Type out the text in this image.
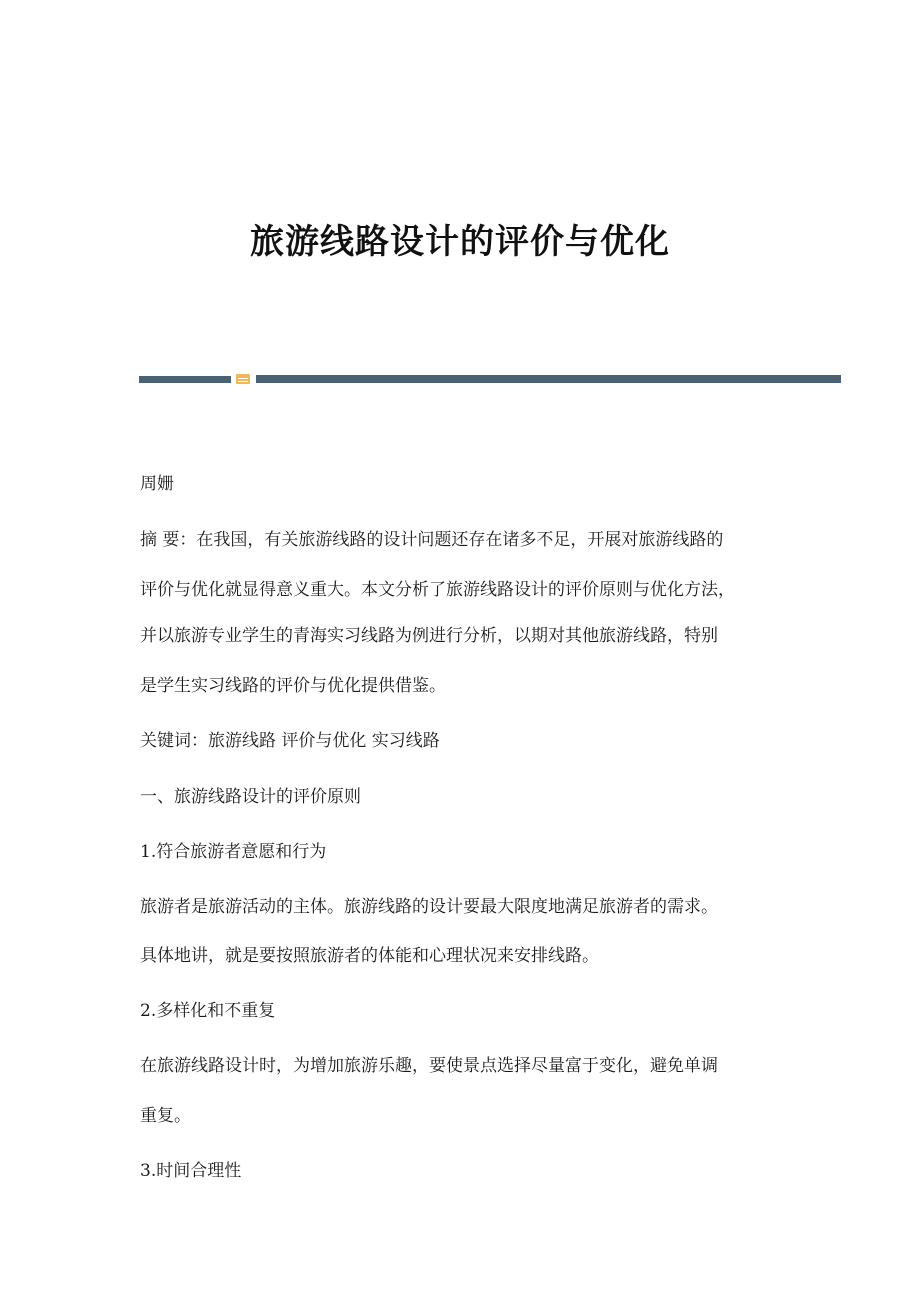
旅游线路设计的评价与优化
周姗
摘 要：在我国，有关旅游线路的设计问题还存在诸多不足，开展对旅游线路的
评价与优化就显得意义重大。本文分析了旅游线路设计的评价原则与优化方法，
并以旅游专业学生的青海实习线路为例进行分析，以期对其他旅游线路，特别
是学生实习线路的评价与优化提供借鉴。
关键词：旅游线路 评价与优化 实习线路
一、旅游线路设计的评价原则
1.符合旅游者意愿和行为
旅游者是旅游活动的主体。旅游线路的设计要最大限度地满足旅游者的需求。
具体地讲，就是要按照旅游者的体能和心理状况来安排线路。
2.多样化和不重复
在旅游线路设计时，为增加旅游乐趣，要使景点选择尽量富于变化，避免单调
重复。
3.时间合理性
